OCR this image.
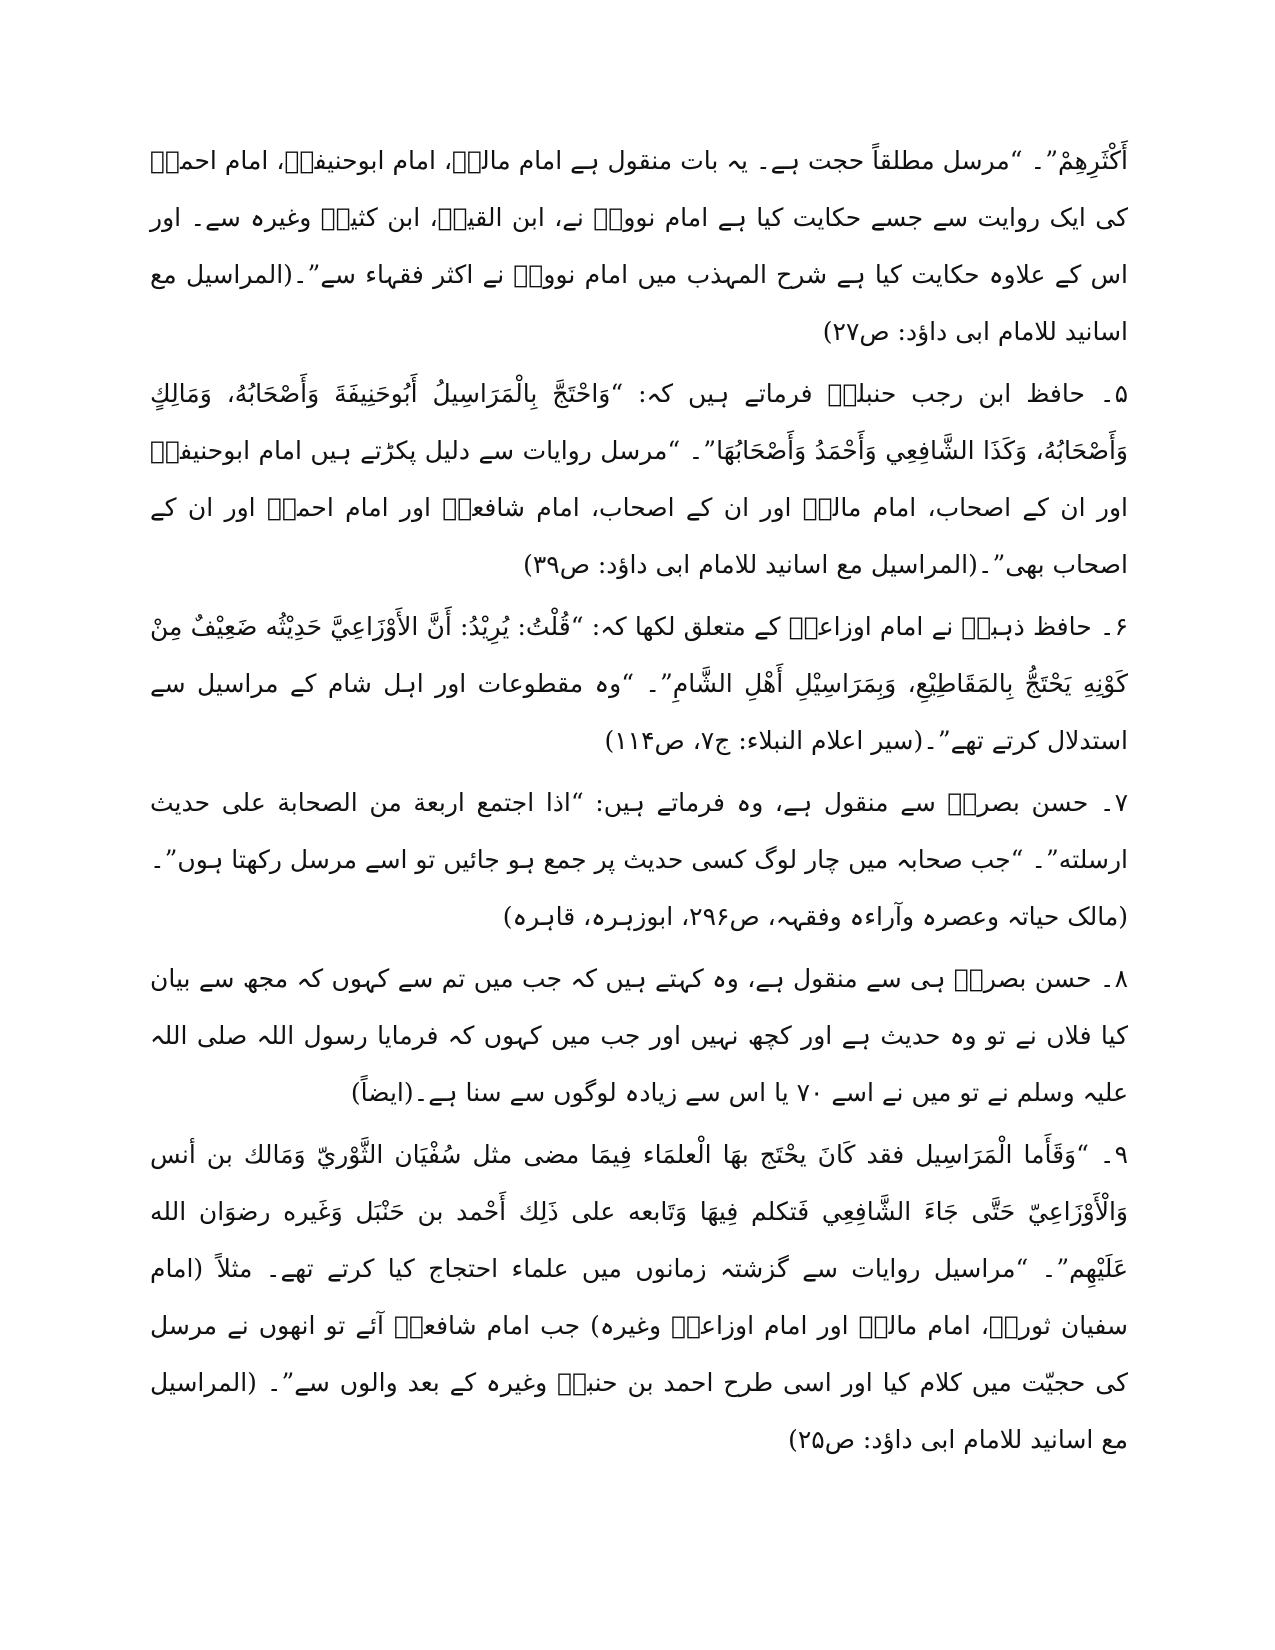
أَكْثَرِهِمْ”۔ “مرسل مطلقاً حجت ہے۔ یہ بات منقول ہے امام مالکؒ، امام ابوحنیفہؒ، امام احمدؒ کی ایک روایت سے جسے حکایت کیا ہے امام نوویؒ نے، ابن القیمؒ، ابن کثیرؒ وغیرہ سے۔ اور اس کے علاوہ حکایت کیا ہے شرح المہذب میں امام نوویؒ نے اکثر فقہاء سے”۔(المراسیل مع اسانید للامام ابی داؤد: ص۲۷)

۵۔ حافظ ابن رجب حنبلیؒ فرماتے ہیں کہ: “وَاحْتَجَّ بِالْمَرَاسِيلُ أَبُوحَنِيفَةَ وَأَصْحَابُهُ، وَمَالِكٍ وَأَصْحَابُهُ، وَكَذَا الشَّافِعِي وَأَحْمَدُ وَأَصْحَابُهَا”۔ “مرسل روایات سے دلیل پکڑتے ہیں امام ابوحنیفہؒ اور ان کے اصحاب، امام مالکؒ اور ان کے اصحاب، امام شافعیؒ اور امام احمدؒ اور ان کے اصحاب بھی”۔(المراسیل مع اسانید للامام ابی داؤد: ص۳۹)

۶۔ حافظ ذہبیؒ نے امام اوزاعیؒ کے متعلق لکھا کہ: “قُلْتُ: يُرِيْدُ: أَنَّ الأَوْزَاعِيَّ حَدِيْثُه ضَعِيْفٌ مِنْ كَوْنِهِ يَحْتَجُّ بِالمَقَاطِيْعِ، وَبِمَرَاسِيْلِ أَهْلِ الشَّامِ”۔ “وہ مقطوعات اور اہل شام کے مراسیل سے استدلال کرتے تھے”۔(سیر اعلام النبلاء: ج۷، ص۱۱۴)

۷۔ حسن بصریؒ سے منقول ہے، وہ فرماتے ہیں: “اذا اجتمع اربعة من الصحابة على حديث ارسلته”۔ “جب صحابہ میں چار لوگ کسی حدیث پر جمع ہو جائیں تو اسے مرسل رکھتا ہوں”۔(مالک حیاتہ وعصرہ وآراءہ وفقہہ، ص۲۹۶، ابوزہرہ، قاہرہ)

۸۔ حسن بصریؒ ہی سے منقول ہے، وہ کہتے ہیں کہ جب میں تم سے کہوں کہ مجھ سے بیان کیا فلاں نے تو وہ حدیث ہے اور کچھ نہیں اور جب میں کہوں کہ فرمایا رسول اللہ صلی اللہ علیہ وسلم نے تو میں نے اسے ۷۰ یا اس سے زیادہ لوگوں سے سنا ہے۔(ایضاً)

۹۔ “وَقَأَما الْمَرَاسِيل فقد كَانَ يحْتَج بهَا الْعلمَاء فِيمَا مضى مثل سُفْيَان الثَّوْريّ وَمَالك بن أنس وَالْأَوْزَاعِيّ حَتَّى جَاءَ الشَّافِعِي فَتكلم فِيهَا وَتَابعه على ذَلِك أَحْمد بن حَنْبَل وَغَيره رضوَان الله عَلَيْهِم”۔ “مراسیل روایات سے گزشتہ زمانوں میں علماء احتجاج کیا کرتے تھے۔ مثلاً (امام سفیان ثوریؒ، امام مالکؒ اور امام اوزاعیؒ وغیرہ) جب امام شافعیؒ آئے تو انھوں نے مرسل کی حجیّت میں کلام کیا اور اسی طرح احمد بن حنبلؒ وغیرہ کے بعد والوں سے”۔ (المراسیل مع اسانید للامام ابی داؤد: ص۲۵)
